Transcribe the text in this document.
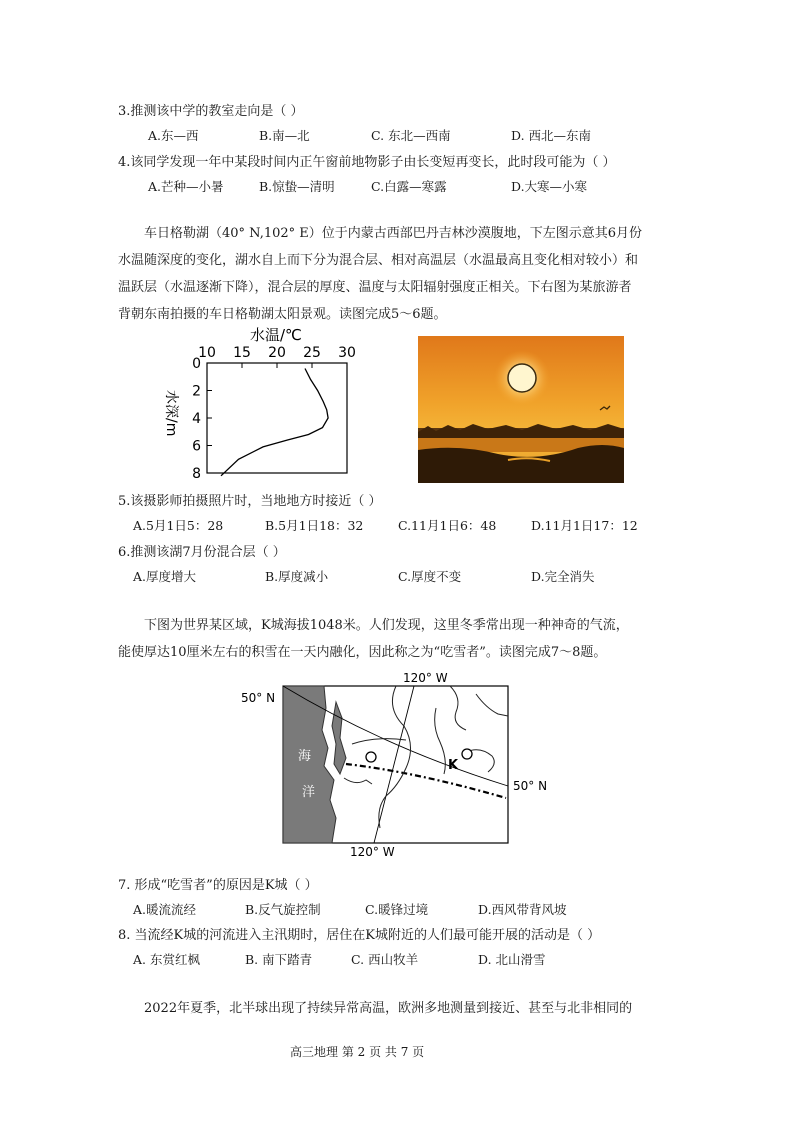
3.推测该中学的教室走向是（ ）
A.东—西	B.南—北	C. 东北—西南	D. 西北—东南
4.该同学发现一年中某段时间内正午窗前地物影子由长变短再变长，此时段可能为（ ）
A.芒种—小暑	B.惊蛰—清明	C.白露—寒露	D.大寒—小寒
车日格勒湖（40° N,102° E）位于内蒙古西部巴丹吉林沙漠腹地，下左图示意其6月份
水温随深度的变化，湖水自上而下分为混合层、相对高温层（水温最高且变化相对较小）和
温跃层（水温逐渐下降），混合层的厚度、温度与太阳辐射强度正相关。下右图为某旅游者
背朝东南拍摄的车日格勒湖太阳景观。读图完成5～6题。
水温/℃
10 15 20 25 30
0
2
4
6
8
水深/m
5.该摄影师拍摄照片时，当地地方时接近（ ）
A.5月1日5：28	B.5月1日18：32	C.11月1日6：48	D.11月1日17：12
6.推测该湖7月份混合层（ ）
A.厚度增大	B.厚度减小	C.厚度不变	D.完全消失
下图为世界某区域，K城海拔1048米。人们发现，这里冬季常出现一种神奇的气流，
能使厚达10厘米左右的积雪在一天内融化，因此称之为“吃雪者”。读图完成7～8题。
K
120° W
120° W
50° N
50° N
海
洋
7. 形成“吃雪者”的原因是K城（ ）
A.暖流流经	B.反气旋控制	C.暖锋过境	D.西风带背风坡
8. 当流经K城的河流进入主汛期时，居住在K城附近的人们最可能开展的活动是（ ）
A. 东赏红枫	B. 南下踏青	C. 西山牧羊	D. 北山滑雪
2022年夏季，北半球出现了持续异常高温，欧洲多地测量到接近、甚至与北非相同的
高三地理 第 2 页 共 7 页
